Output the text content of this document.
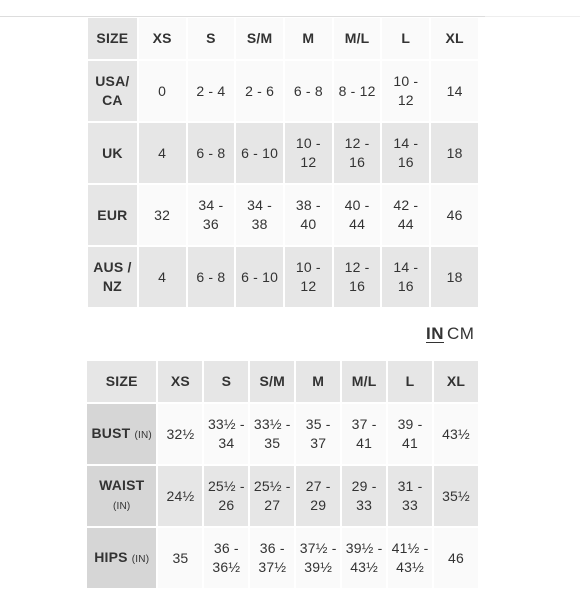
SIZE	XS	S	S/M	M	M/L	L	XL
USA/ CA	0	2 - 4	2 - 6	6 - 8	8 - 12	10 - 12	14
UK	4	6 - 8	6 - 10	10 - 12	12 - 16	14 - 16	18
EUR	32	34 - 36	34 - 38	38 - 40	40 - 44	42 - 44	46
AUS / NZ	4	6 - 8	6 - 10	10 - 12	12 - 16	14 - 16	18
IN CM
SIZE	XS	S	S/M	M	M/L	L	XL
BUST (IN)	32½	33½ - 34	33½ - 35	35 - 37	37 - 41	39 - 41	43½
WAIST (IN)	24½	25½ - 26	25½ - 27	27 - 29	29 - 33	31 - 33	35½
HIPS (IN)	35	36 - 36½	36 - 37½	37½ - 39½	39½ - 43½	41½ - 43½	46
